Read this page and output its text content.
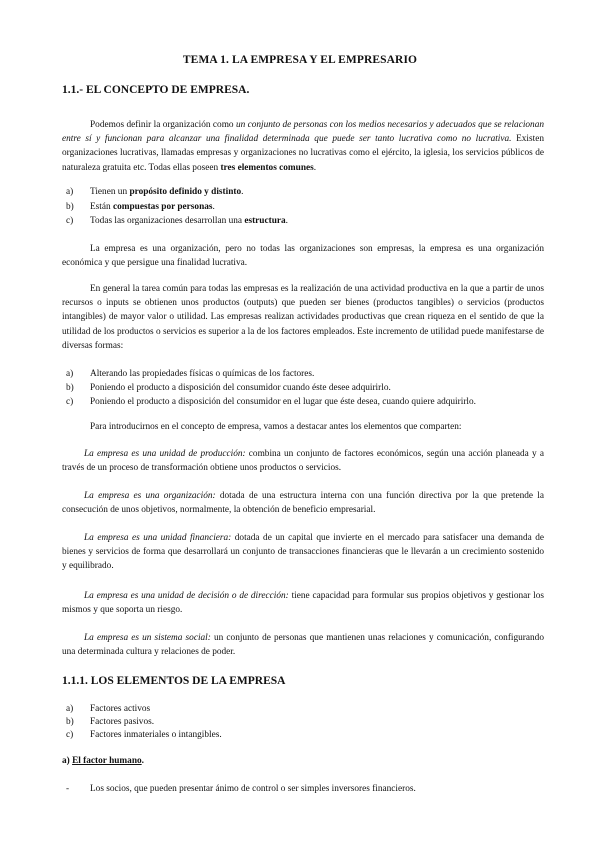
TEMA 1. LA EMPRESA Y EL EMPRESARIO
1.1.- EL CONCEPTO DE EMPRESA.

Podemos definir la organización como un conjunto de personas con los medios necesarios y adecuados que se relacionan entre sí y funcionan para alcanzar una finalidad determinada que puede ser tanto lucrativa como no lucrativa. Existen organizaciones lucrativas, llamadas empresas y organizaciones no lucrativas como el ejército, la iglesia, los servicios públicos de naturaleza gratuita etc. Todas ellas poseen tres elementos comunes.

a)	Tienen un propósito definido y distinto.
b)	Están compuestas por personas.
c)	Todas las organizaciones desarrollan una estructura.

La empresa es una organización, pero no todas las organizaciones son empresas, la empresa es una organización económica y que persigue una finalidad lucrativa.

En general la tarea común para todas las empresas es la realización de una actividad productiva en la que a partir de unos recursos o inputs se obtienen unos productos (outputs) que pueden ser bienes (productos tangibles) o servicios (productos intangibles) de mayor valor o utilidad. Las empresas realizan actividades productivas que crean riqueza en el sentido de que la utilidad de los productos o servicios es superior a la de los factores empleados. Este incremento de utilidad puede manifestarse de diversas formas:

a)	Alterando las propiedades físicas o químicas de los factores.
b)	Poniendo el producto a disposición del consumidor cuando éste desee adquirirlo.
c)	Poniendo el producto a disposición del consumidor en el lugar que éste desea, cuando quiere adquirirlo.

Para introducirnos en el concepto de empresa, vamos a destacar antes los elementos que comparten:

La empresa es una unidad de producción: combina un conjunto de factores económicos, según una acción planeada y a través de un proceso de transformación obtiene unos productos o servicios.

La empresa es una organización: dotada de una estructura interna con una función directiva por la que pretende la consecución de unos objetivos, normalmente, la obtención de beneficio empresarial.

La empresa es una unidad financiera: dotada de un capital que invierte en el mercado para satisfacer una demanda de bienes y servicios de forma que desarrollará un conjunto de transacciones financieras que le llevarán a un crecimiento sostenido y equilibrado.

La empresa es una unidad de decisión o de dirección: tiene capacidad para formular sus propios objetivos y gestionar los mismos y que soporta un riesgo.

La empresa es un sistema social: un conjunto de personas que mantienen unas relaciones y comunicación, configurando una determinada cultura y relaciones de poder.

1.1.1. LOS ELEMENTOS DE LA EMPRESA
a)	Factores activos
b)	Factores pasivos.
c)	Factores inmateriales o intangibles.
a) El factor humano.
-	Los socios, que pueden presentar ánimo de control o ser simples inversores financieros.
